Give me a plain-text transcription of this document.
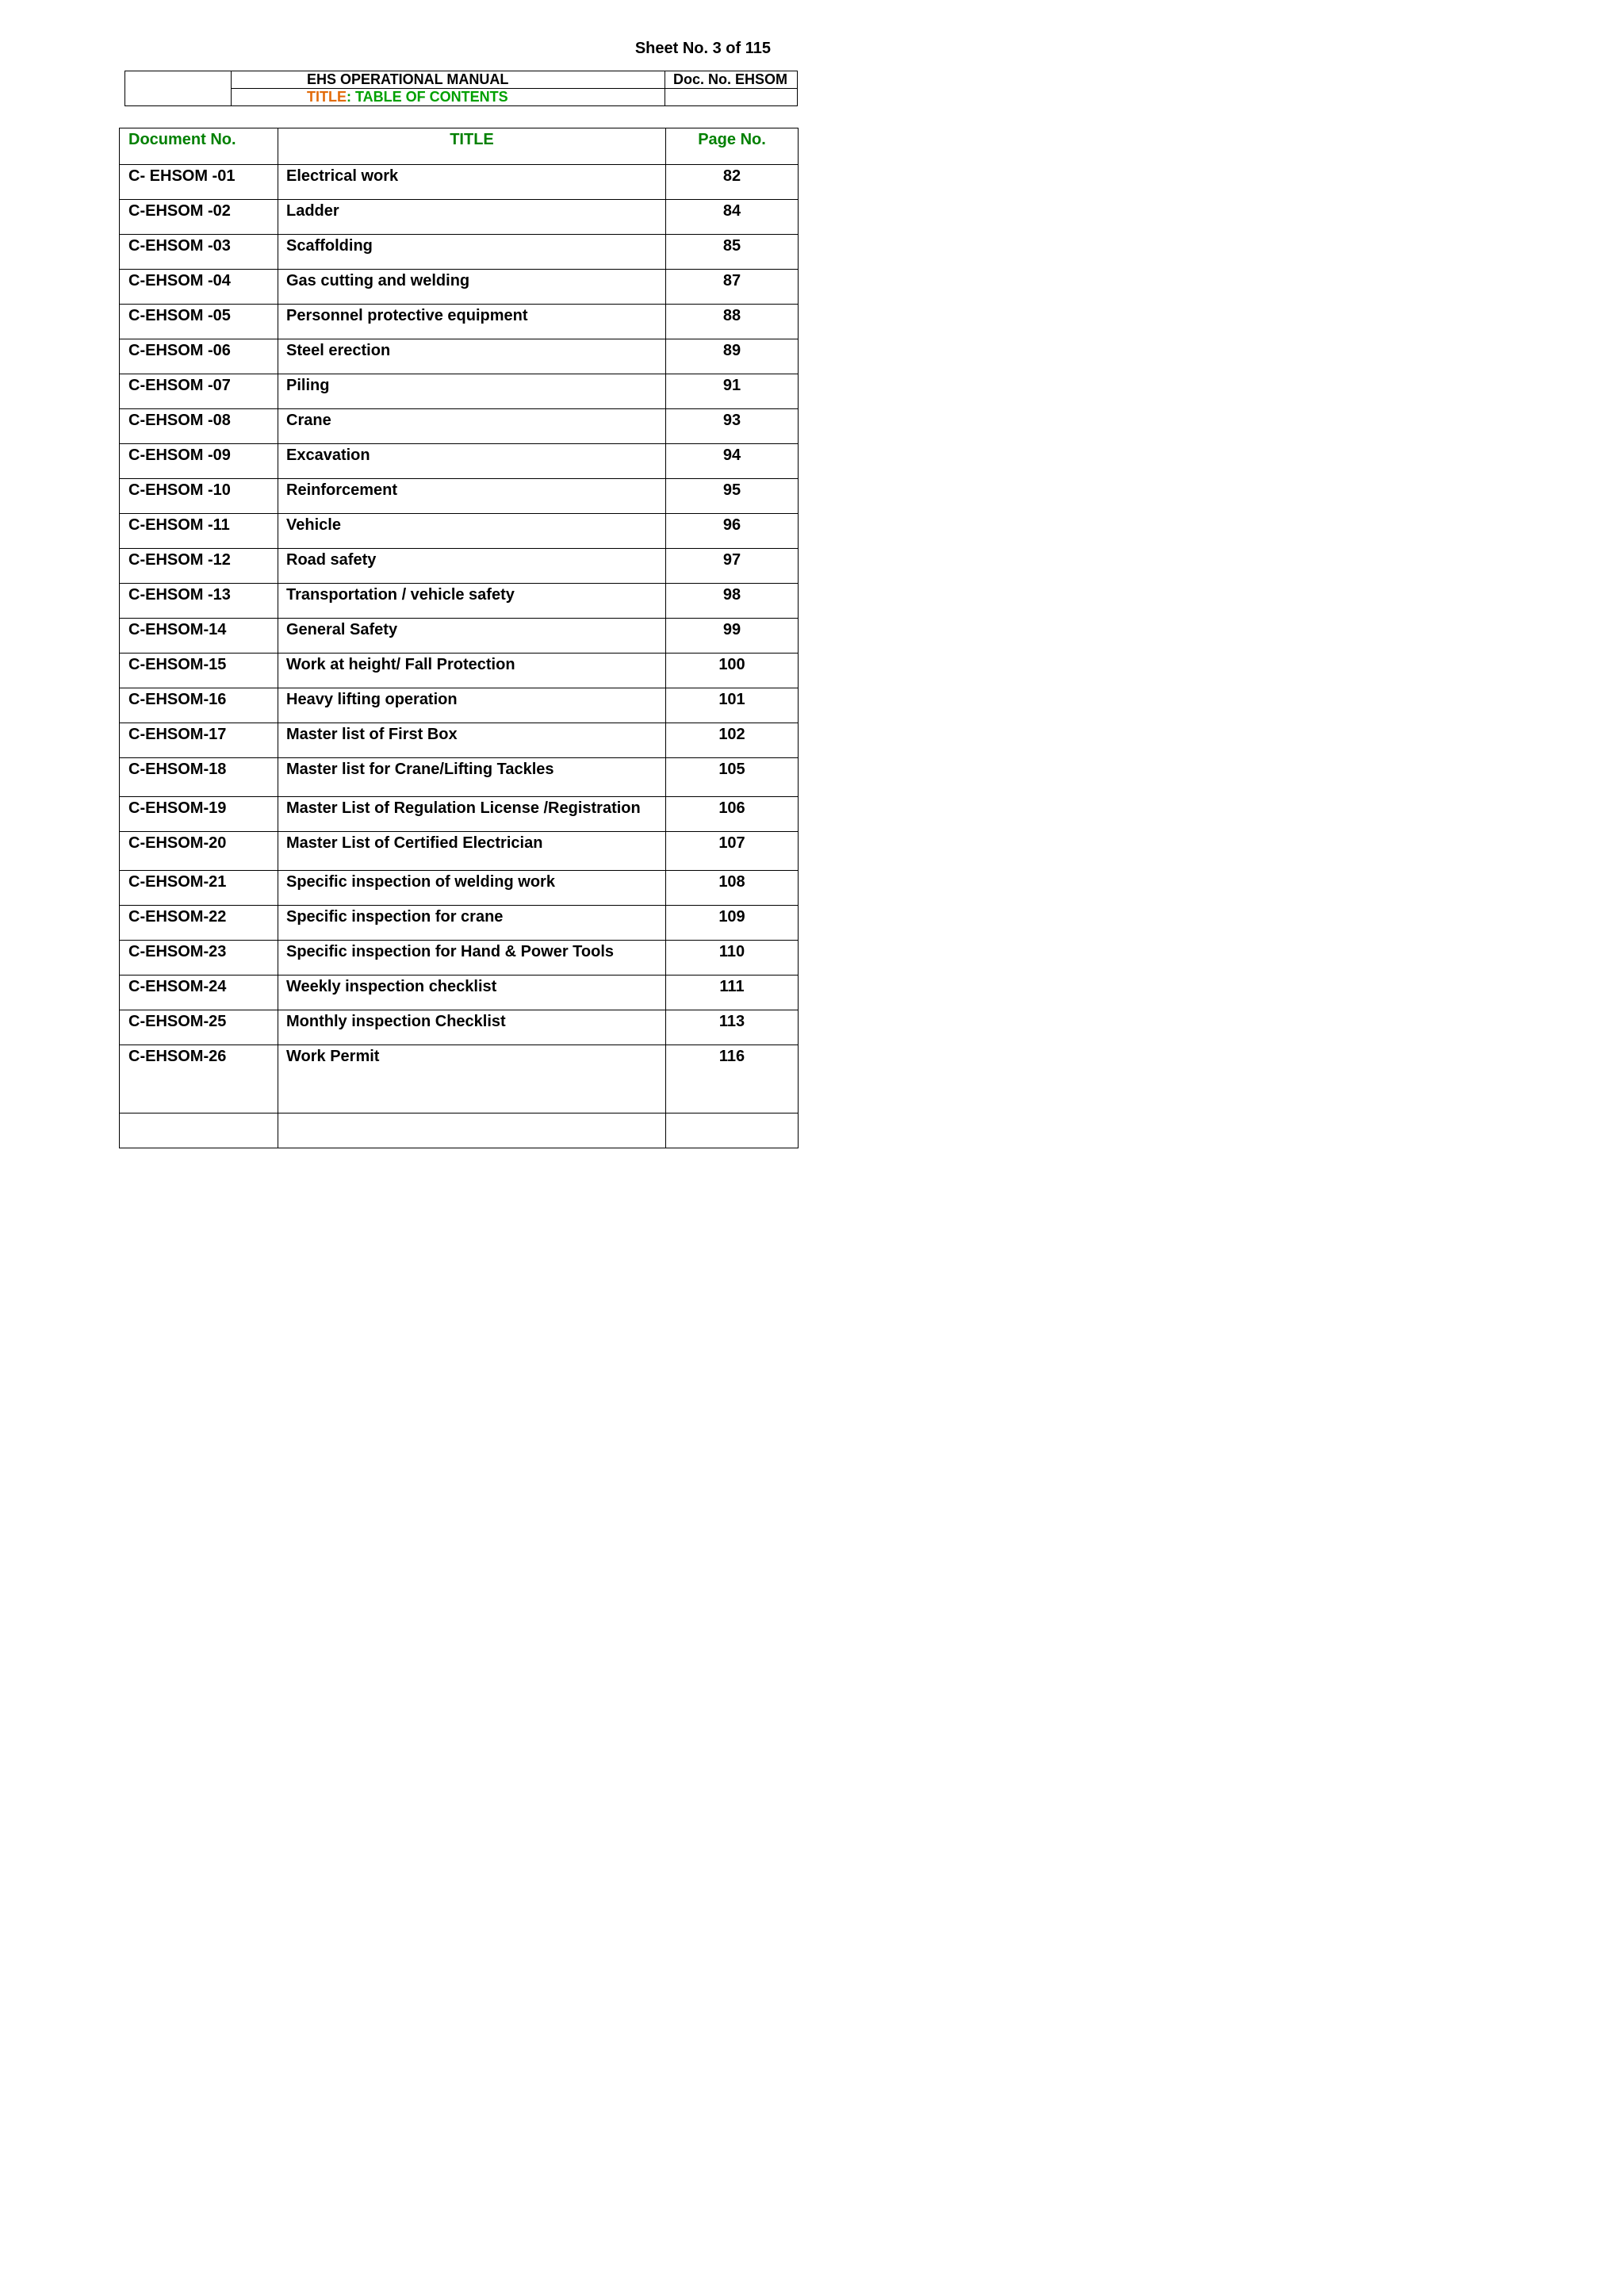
Sheet No. 3 of 115
	EHS OPERATIONAL MANUAL	Doc. No. EHSOM
	TITLE: TABLE OF CONTENTS	
Document No.	TITLE	Page No.
C- EHSOM -01	Electrical work	82
C-EHSOM -02	Ladder	84
C-EHSOM -03	Scaffolding	85
C-EHSOM -04	Gas cutting and welding	87
C-EHSOM -05	Personnel protective equipment	88
C-EHSOM -06	Steel erection	89
C-EHSOM -07	Piling	91
C-EHSOM -08	Crane	93
C-EHSOM -09	Excavation	94
C-EHSOM -10	Reinforcement	95
C-EHSOM -11	Vehicle	96
C-EHSOM -12	Road safety	97
C-EHSOM -13	Transportation / vehicle safety	98
C-EHSOM-14	General Safety	99
C-EHSOM-15	Work at height/ Fall Protection	100
C-EHSOM-16	Heavy lifting operation	101
C-EHSOM-17	Master list of First Box	102
C-EHSOM-18	Master list for Crane/Lifting Tackles	105
C-EHSOM-19	Master List of Regulation License /Registration	106
C-EHSOM-20	Master List of Certified Electrician	107
C-EHSOM-21	Specific inspection of welding work	108
C-EHSOM-22	Specific inspection for crane	109
C-EHSOM-23	Specific inspection for Hand & Power Tools	110
C-EHSOM-24	Weekly inspection checklist	111
C-EHSOM-25	Monthly inspection Checklist	113
C-EHSOM-26	Work Permit	116
